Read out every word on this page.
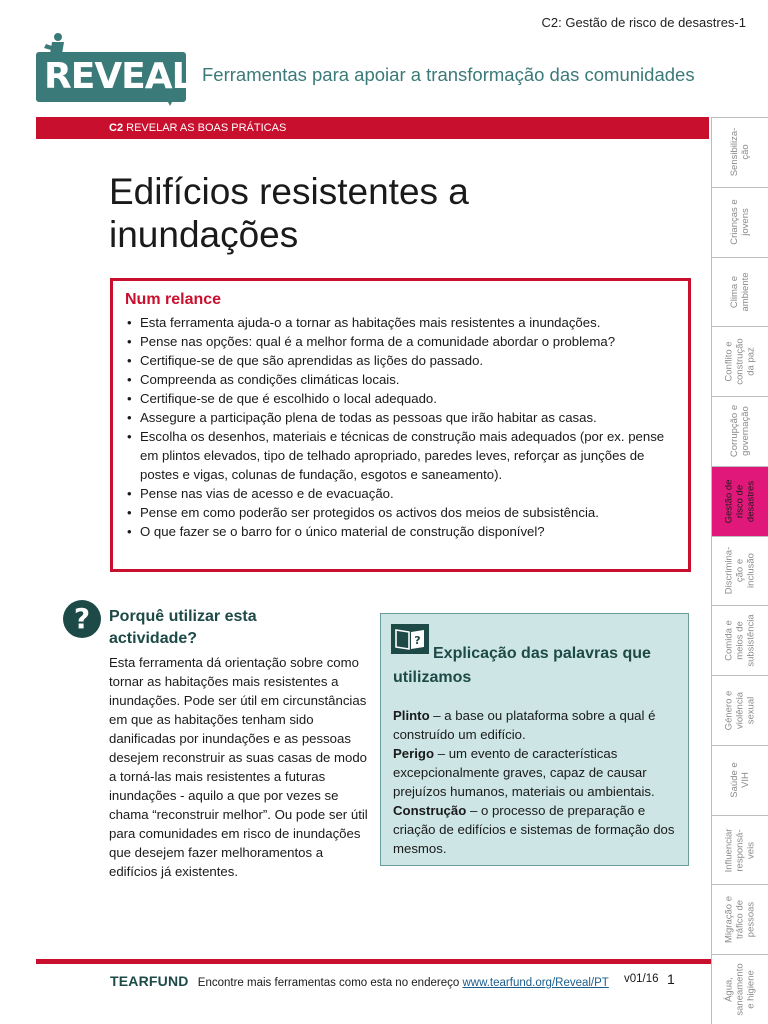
C2: Gestão de risco de desastres-1
REVEAL Ferramentas para apoiar a transformação das comunidades
C2 REVELAR AS BOAS PRÁTICAS
Sensibiliza-
ção
Crianças e
jovens
Clima e
ambiente
Conflito e
construção
da paz
Corrupção e
governação
Gestão de
risco de
desastres
Discrimina-
ção e
inclusão
Comida e
meios de
subsistência
Género e
violência
sexual
Saúde e
VIH
Influenciar
responsá-
veis
Migração e
tráfico de
pessoas
Água,
saneamento
e higiene
Edifícios resistentes a
inundações
Num relance
• Esta ferramenta ajuda-o a tornar as habitações mais resistentes a inundações.
• Pense nas opções: qual é a melhor forma de a comunidade abordar o problema?
• Certifique-se de que são aprendidas as lições do passado.
• Compreenda as condições climáticas locais.
• Certifique-se de que é escolhido o local adequado.
• Assegure a participação plena de todas as pessoas que irão habitar as casas.
• Escolha os desenhos, materiais e técnicas de construção mais adequados (por ex. pense em plintos elevados, tipo de telhado apropriado, paredes leves, reforçar as junções de postes e vigas, colunas de fundação, esgotos e saneamento).
• Pense nas vias de acesso e de evacuação.
• Pense em como poderão ser protegidos os activos dos meios de subsistência.
• O que fazer se o barro for o único material de construção disponível?
?	Porquê utilizar esta actividade?
Esta ferramenta dá orientação sobre como tornar as habitações mais resistentes a inundações. Pode ser útil em circunstâncias em que as habitações tenham sido danificadas por inundações e as pessoas desejem reconstruir as suas casas de modo a torná-las mais resistentes a futuras inundações - aquilo a que por vezes se chama “reconstruir melhor”. Ou pode ser útil para comunidades em risco de inundações que desejem fazer melhoramentos a edifícios já existentes.
?
Explicação das palavras que utilizamos
Plinto – a base ou plataforma sobre a qual é construído um edifício.
Perigo – um evento de características excepcionalmente graves, capaz de causar prejuízos humanos, materiais ou ambientais.
Construção – o processo de preparação e criação de edifícios e sistemas de formação dos mesmos.
TEARFUND Encontre mais ferramentas como esta no endereço www.tearfund.org/Reveal/PT v01/16 1
